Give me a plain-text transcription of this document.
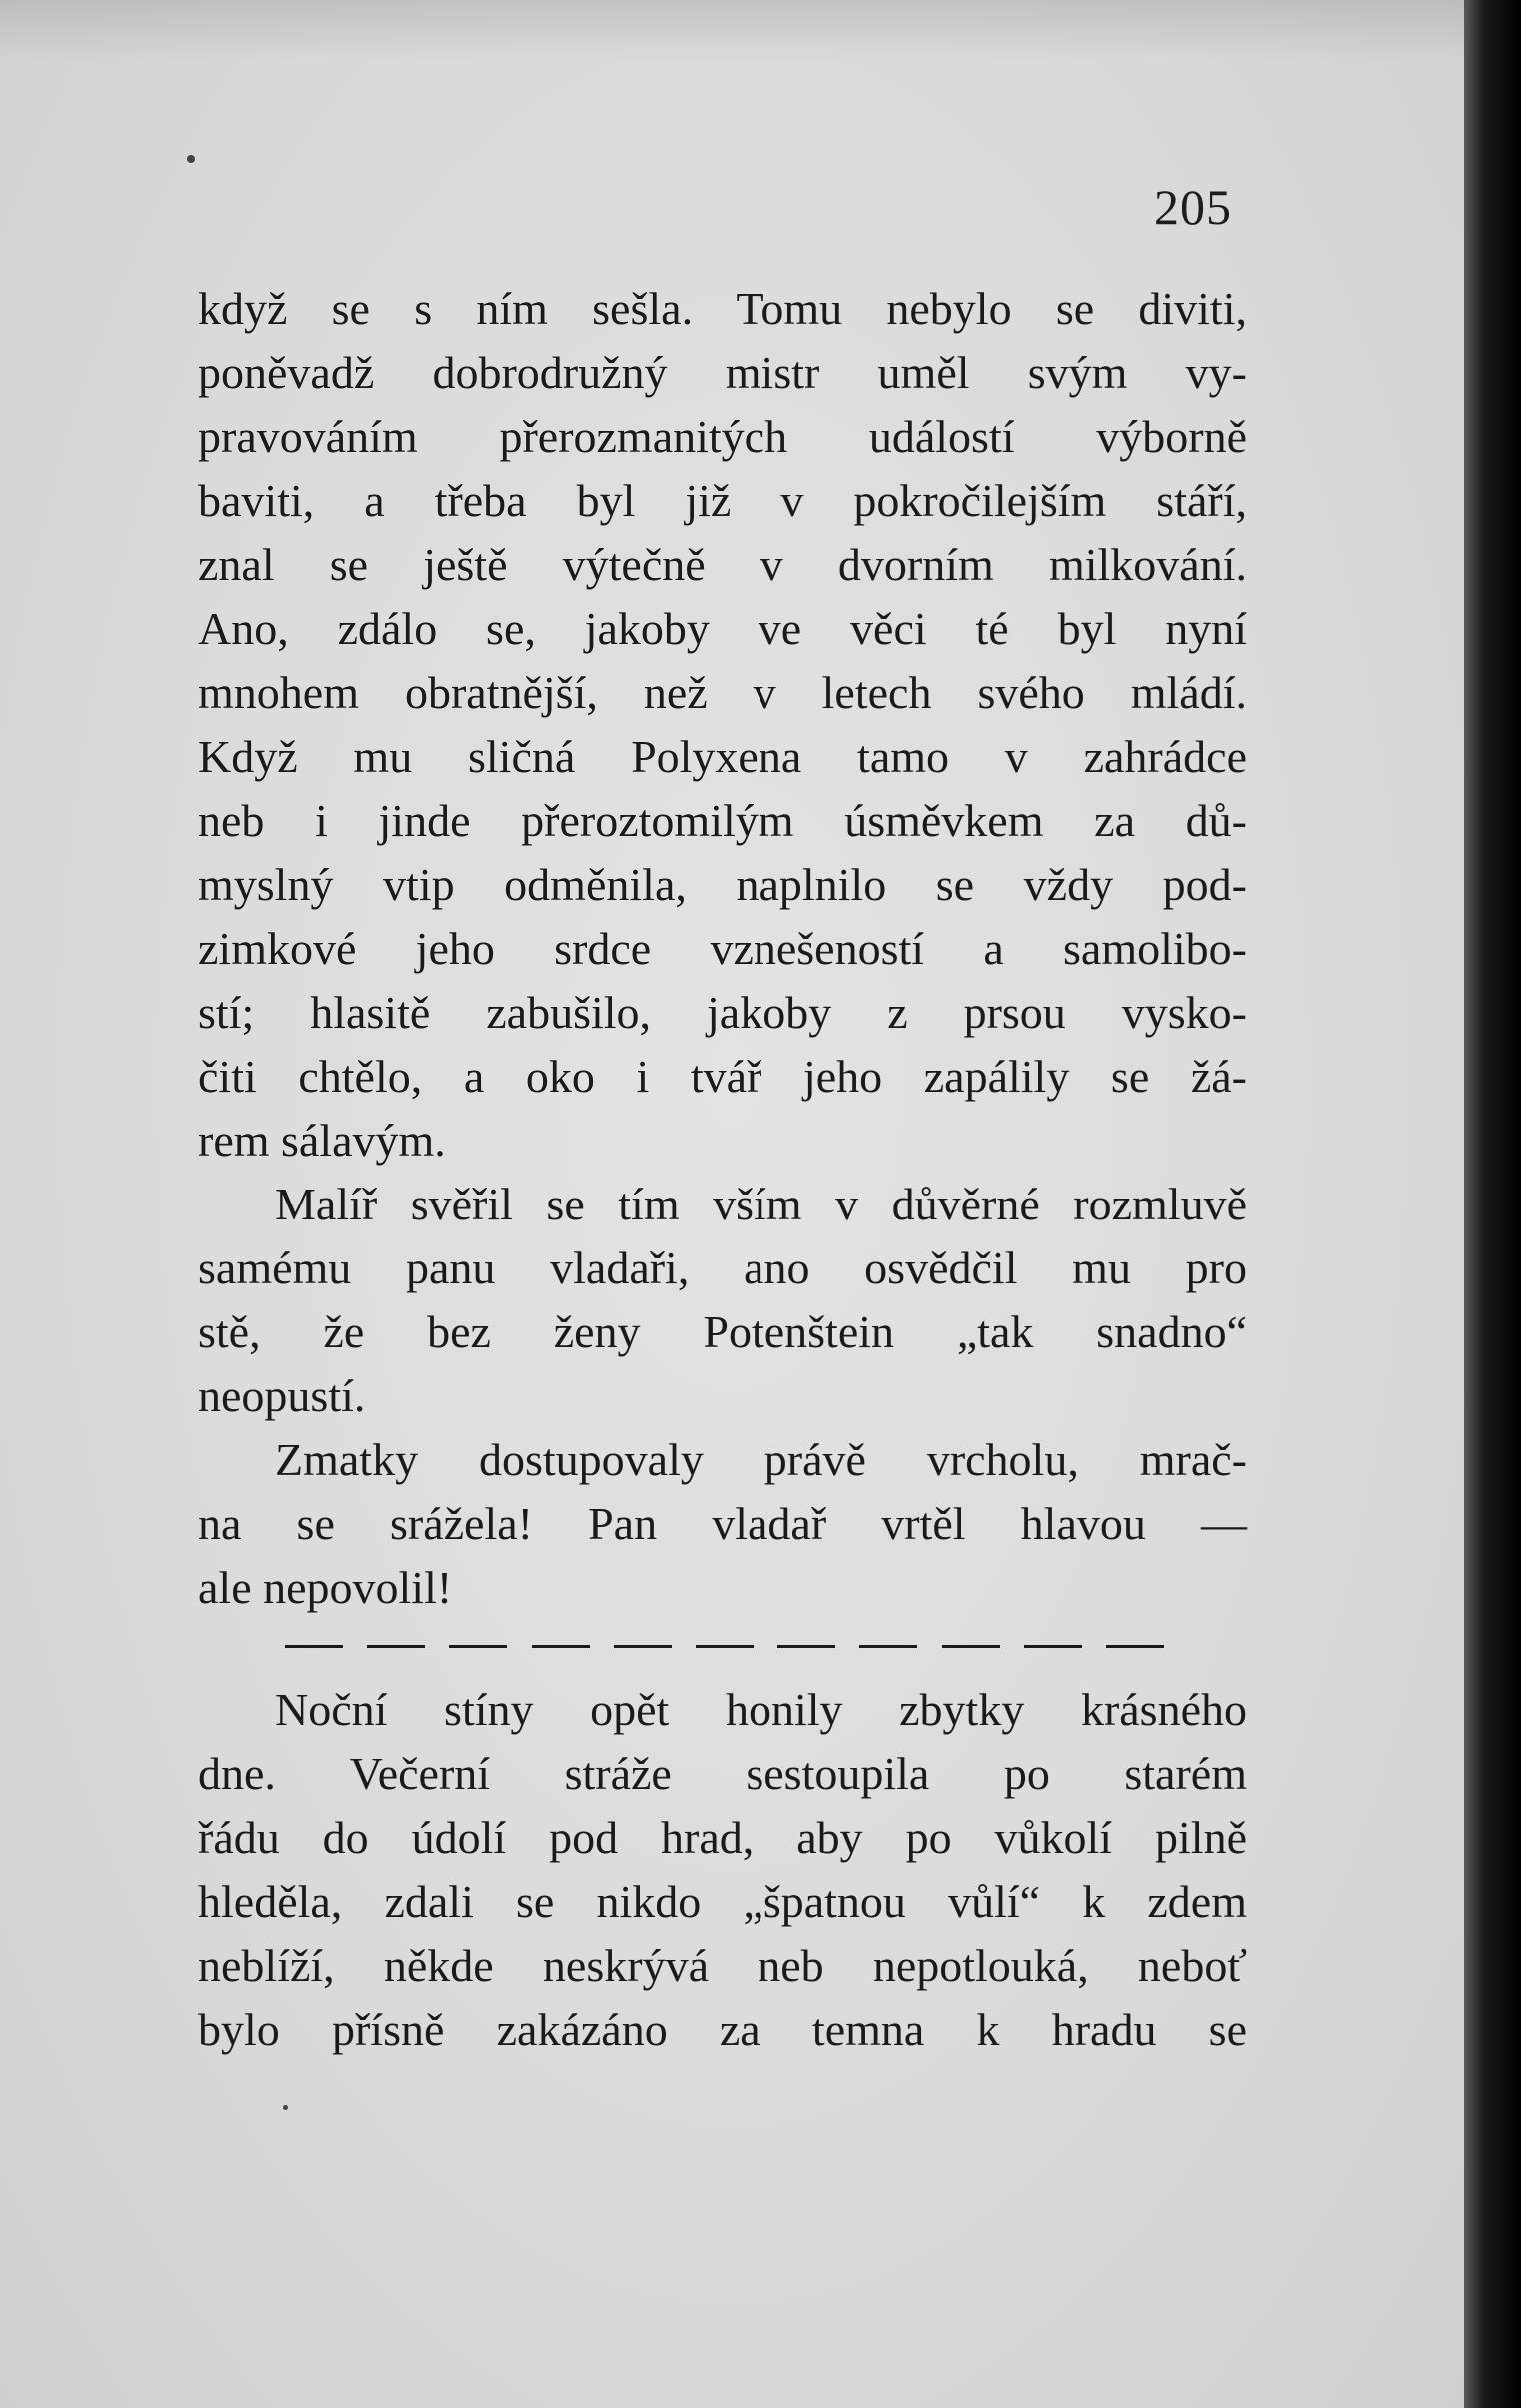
205
když se s ním sešla. Tomu nebylo se diviti,
poněvadž dobrodružný mistr uměl svým vy-
pravováním přerozmanitých událostí výborně
baviti, a třeba byl již v pokročilejším stáří,
znal se ještě výtečně v dvorním milkování.
Ano, zdálo se, jakoby ve věci té byl nyní
mnohem obratnější, než v letech svého mládí.
Když mu sličná Polyxena tamo v zahrádce
neb i jinde přeroztomilým úsměvkem za dů-
myslný vtip odměnila, naplnilo se vždy pod-
zimkové jeho srdce vznešeností a samolibo-
stí; hlasitě zabušilo, jakoby z prsou vysko-
čiti chtělo, a oko i tvář jeho zapálily se žá-
rem sálavým.
Malíř svěřil se tím vším v důvěrné rozmluvě
samému panu vladaři, ano osvědčil mu pro
stě, že bez ženy Potenštein „tak snadno“
neopustí.
Zmatky dostupovaly právě vrcholu, mrač-
na se srážela! Pan vladař vrtěl hlavou —
ale nepovolil!
Noční stíny opět honily zbytky krásného
dne. Večerní stráže sestoupila po starém
řádu do údolí pod hrad, aby po vůkolí pilně
hleděla, zdali se nikdo „špatnou vůlí“ k zdem
neblíží, někde neskrývá neb nepotlouká, neboť
bylo přísně zakázáno za temna k hradu se
